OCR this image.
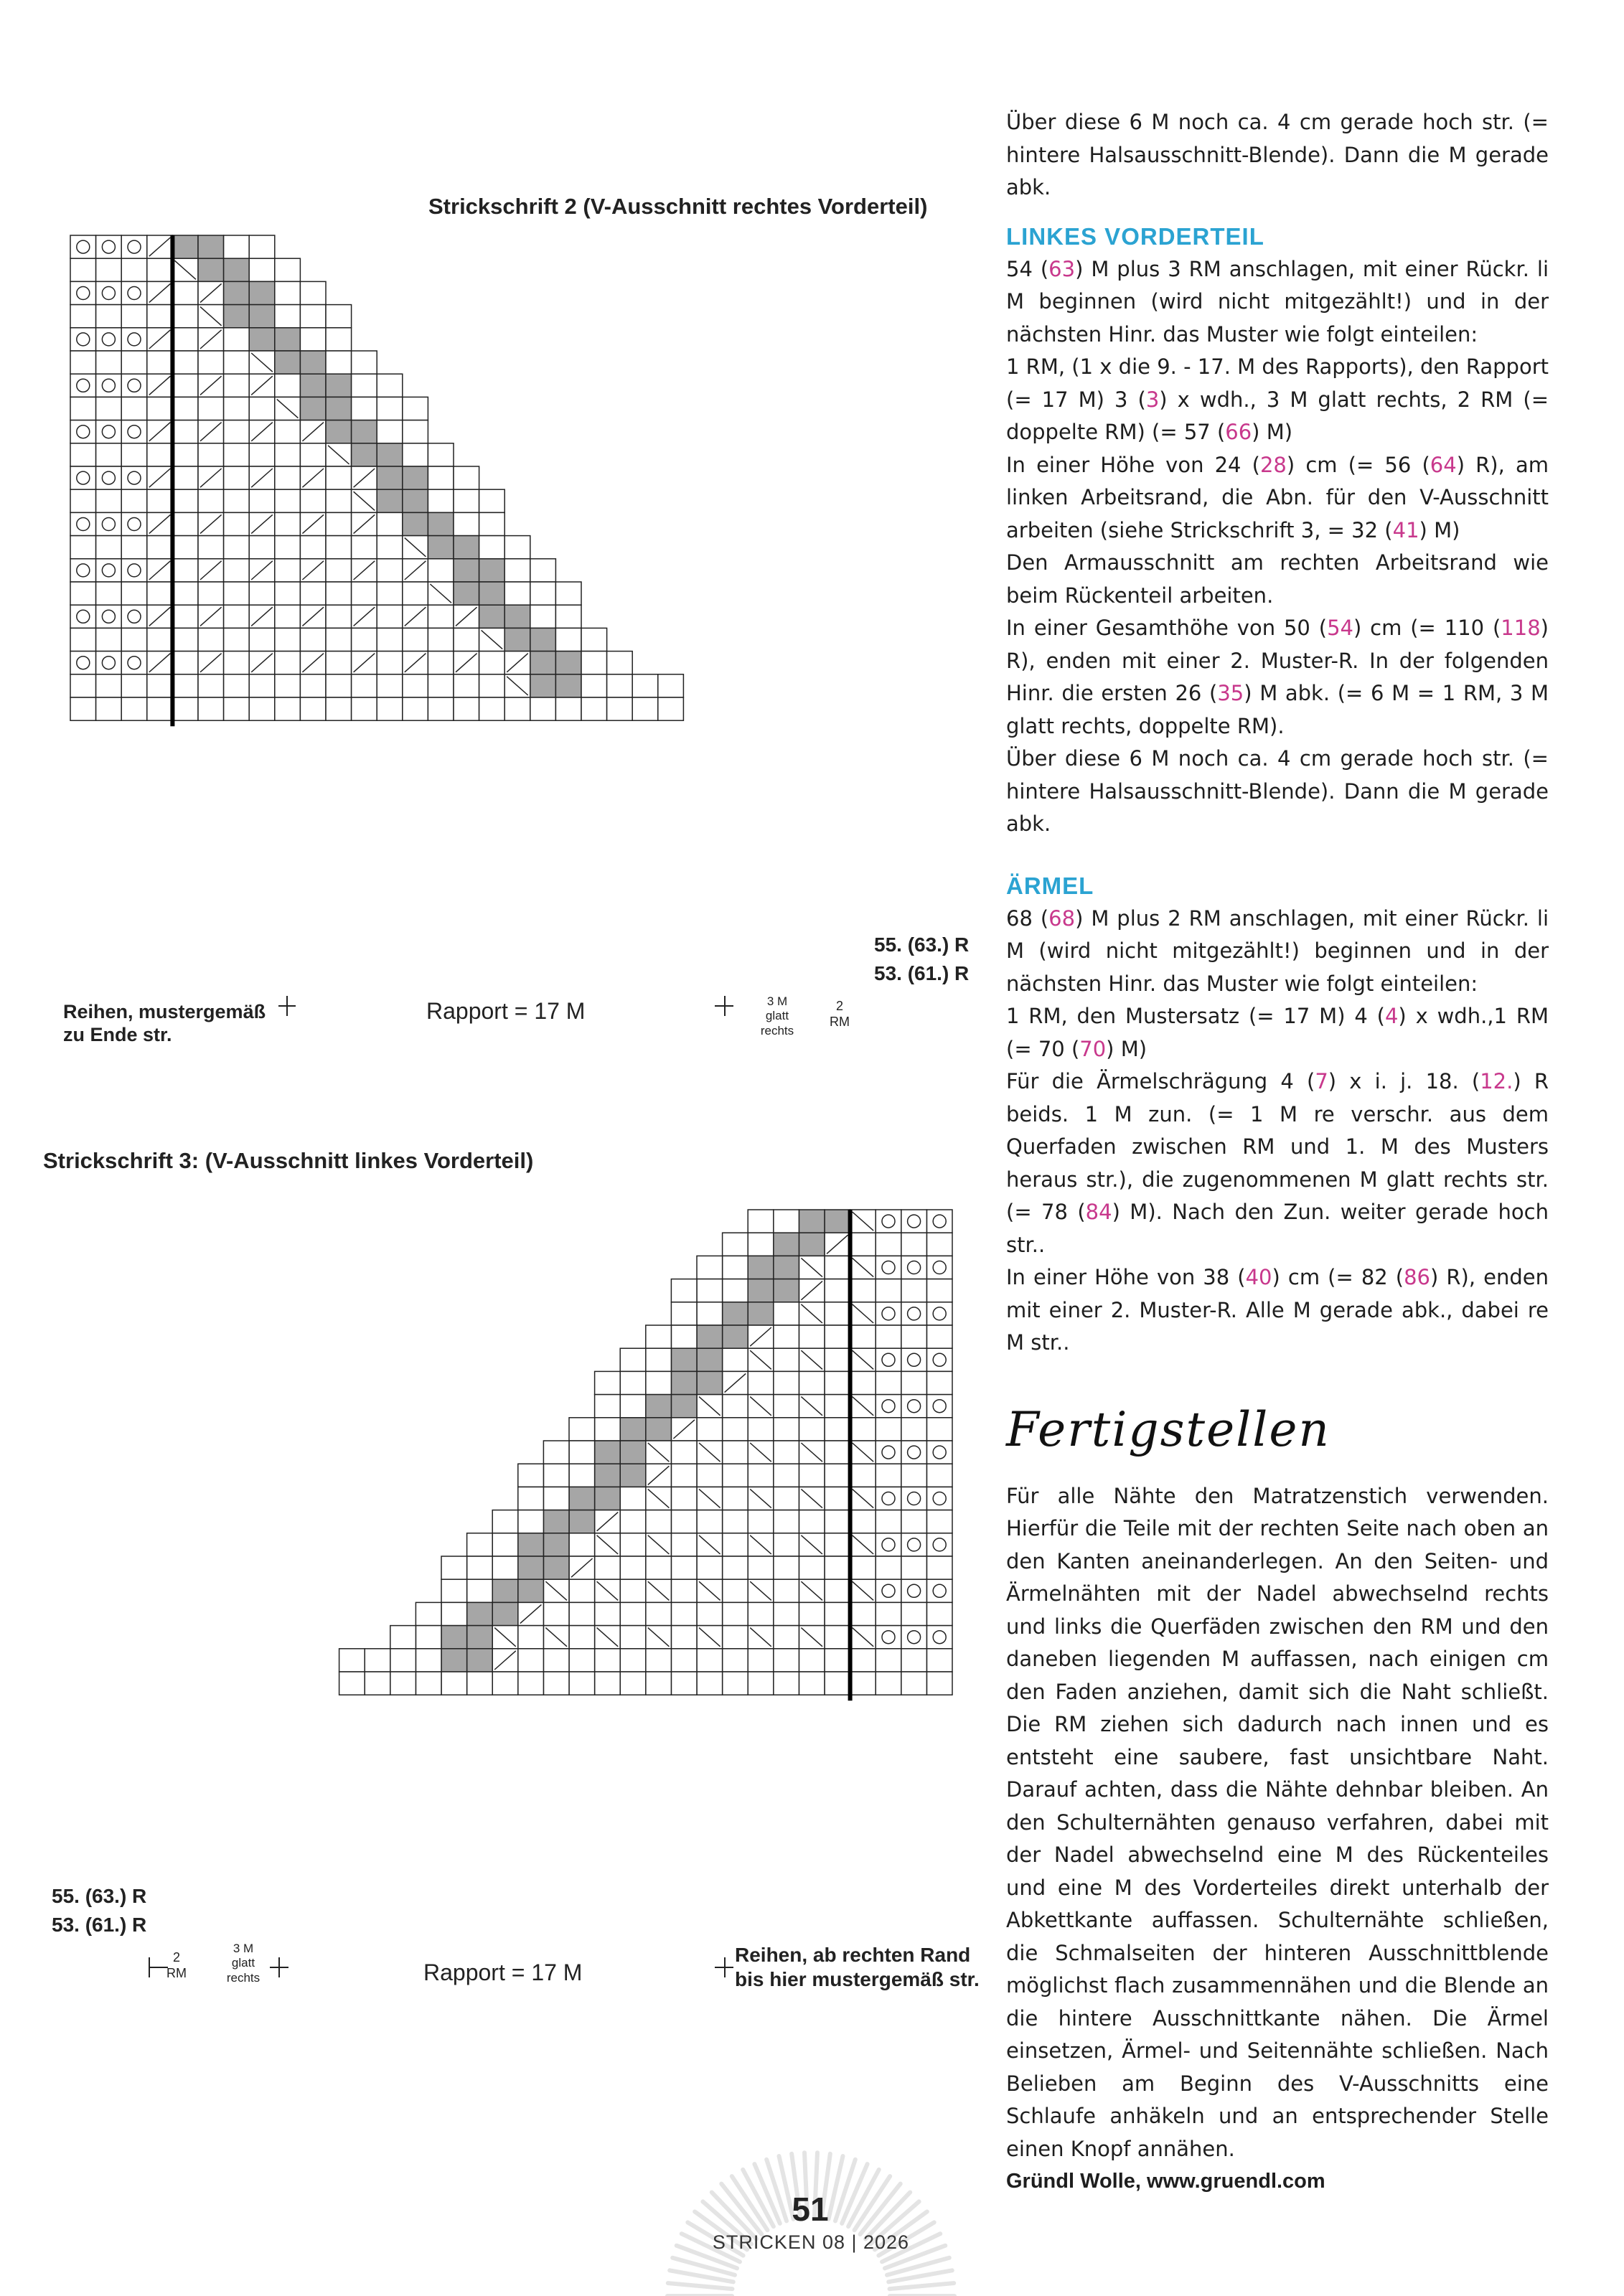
Strickschrift 2 (V-Ausschnitt rechtes Vorderteil)
Strickschrift 3: (V-Ausschnitt linkes Vorderteil)
55. (63.) R
53. (61.) R
Reihen, mustergemäß
zu Ende str.
Rapport = 17 M	3 M
glatt
rechts
2
RM
55. (63.) R
53. (61.) R
2
RM
3 M
glatt
rechts	Rapport = 17 M
Reihen, ab rechten Rand
bis hier mustergemäß str.

Über diese 6 M noch ca. 4 cm gerade hoch str. (= hintere Halsausschnitt-Blende). Dann die M gerade abk.

LINKES VORDERTEIL

54 (63) M plus 3 RM anschlagen, mit einer Rückr. li M beginnen (wird nicht mitgezählt!) und in der nächsten Hinr. das Muster wie folgt einteilen:

1 RM, (1 x die 9. - 17. M des Rapports), den Rapport (= 17 M) 3 (3) x wdh., 3 M glatt rechts, 2 RM (= doppelte RM) (= 57 (66) M)

In einer Höhe von 24 (28) cm (= 56 (64) R), am linken Arbeitsrand, die Abn. für den V-Ausschnitt arbeiten (siehe Strickschrift 3, = 32 (41) M)

Den Armausschnitt am rechten Arbeitsrand wie beim Rückenteil arbeiten.

In einer Gesamthöhe von 50 (54) cm (= 110 (118) R), enden mit einer 2. Muster-R. In der folgenden Hinr. die ersten 26 (35) M abk. (= 6 M = 1 RM, 3 M glatt rechts, doppelte RM).

Über diese 6 M noch ca. 4 cm gerade hoch str. (= hintere Halsausschnitt-Blende). Dann die M gerade abk.

ÄRMEL

68 (68) M plus 2 RM anschlagen, mit einer Rückr. li M (wird nicht mitgezählt!) beginnen und in der nächsten Hinr. das Muster wie folgt einteilen:

1 RM, den Mustersatz (= 17 M) 4 (4) x wdh.,1 RM (= 70 (70) M)

Für die Ärmelschrägung 4 (7) x i. j. 18. (12.) R beids. 1 M zun. (= 1 M re verschr. aus dem Querfaden zwischen RM und 1. M des Musters heraus str.), die zugenommenen M glatt rechts str. (= 78 (84) M). Nach den Zun. weiter gerade hoch str..

In einer Höhe von 38 (40) cm (= 82 (86) R), enden mit einer 2. Muster-R. Alle M gerade abk., dabei re M str..

Fertigstellen

Für alle Nähte den Matratzenstich verwenden. Hierfür die Teile mit der rechten Seite nach oben an den Kanten aneinanderlegen. An den Seiten- und Ärmelnähten mit der Nadel abwechselnd rechts und links die Querfäden zwischen den RM und den daneben liegenden M auffassen, nach einigen cm den Faden anziehen, damit sich die Naht schließt. Die RM ziehen sich dadurch nach innen und es entsteht eine saubere, fast unsichtbare Naht. Darauf achten, dass die Nähte dehnbar bleiben. An den Schulternähten genauso verfahren, dabei mit der Nadel abwechselnd eine M des Rückenteiles und eine M des Vorderteiles direkt unterhalb der Abkettkante auffassen. Schulternähte schließen, die Schmalseiten der hinteren Ausschnittblende möglichst flach zusammennähen und die Blende an die hintere Ausschnittkante nähen. Die Ärmel einsetzen, Ärmel- und Seitennähte schließen. Nach Belieben am Beginn des V-Ausschnitts eine Schlaufe anhäkeln und an entsprechender Stelle einen Knopf annähen.

Gründl Wolle, www.gruendl.com

51
STRICKEN 08 | 2026
